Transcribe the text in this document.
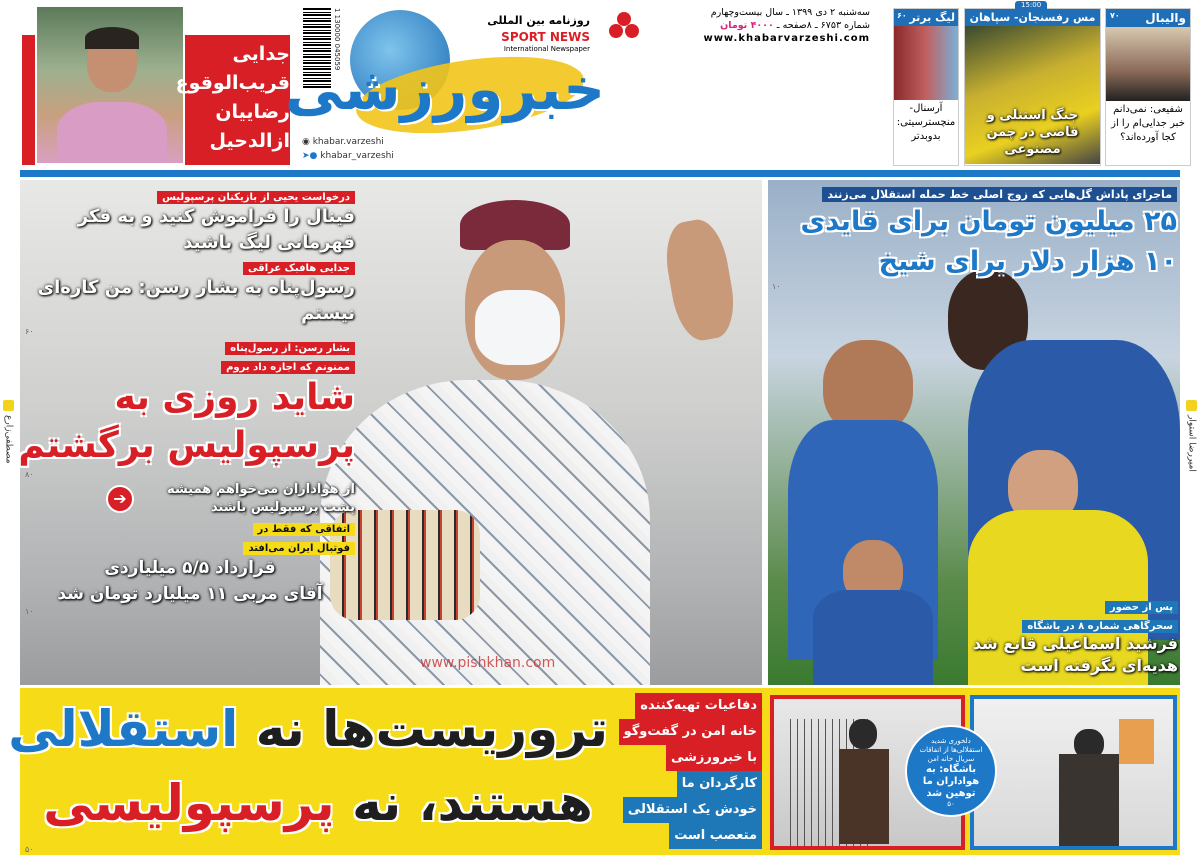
مصطفی‌زارع	امیررضا استوار
جدایی
قریب‌الوقوع
رضاییان
ازالدحیل
1 130000 045059
خبرورزشی
روزنامه بین المللی
SPORT NEWS
International Newspaper
سه‌شنبه ۲ دی ۱۳۹۹ ـ سال بیست‌وچهارم
شماره ۶۷۵۳ ـ ۸صفحه ـ ۴۰۰۰ تومان
www.khabarvarzeshi.com
◉ khabar.varzeshi
➤● khabar_varzeshi
والیبال
۷۰
شفیعی: نمی‌دانم خبر جدایی‌ام را از کجا آورده‌اند؟
15:00
مس رفسنجان- سپاهان
جنگ استنلی و قاضی در چمن مصنوعی
لیگ برتر
۶۰
آرسنال- منچسترسیتی: بدوبدتر
درخواست یحیی از بازیکنان پرسپولیس
فینال را فراموش کنید و به فکر قهرمانی لیگ باشید
جدایی هافبک عراقی
رسول‌پناه به بشار رسن: من کاره‌ای نیستم
۶۰
بشار رسن: از رسول‌پناه
ممنونم که اجازه داد بروم
شاید روزی به
پرسپولیس برگشتم
۸۰
از هواداران می‌خواهم همیشه پشت پرسپولیس باشند
➔
اتفاقی که فقط در
فوتبال ایران می‌افتد
قرارداد ۵/۵ میلیاردی
آقای مربی ۱۱ میلیارد تومان شد
۱۰
www.pishkhan.com
ماجرای پاداش گل‌هایی که زوج اصلی خط حمله استقلال می‌زنند
۲۵ میلیون تومان برای قایدی
۱۰ هزار دلار برای شیخ
۱۰
پس از حضور
سحرگاهی شماره ۸ در باشگاه
فرشید اسماعیلی قانع شد
هدیه‌ای نگرفته است
تروریست‌ها نه استقلالی
هستند، نه پرسپولیسی
۵۰
دفاعیات تهیه‌کننده
خانه امن در گفت‌وگو
با خبرورزشی
کارگردان ما
خودش یک استقلالی
متعصب است
دلخوری شدید
استقلالی‌ها از اتفاقات
سریال خانه امن
باشگاه: به هواداران ما توهین شد
۵۰
